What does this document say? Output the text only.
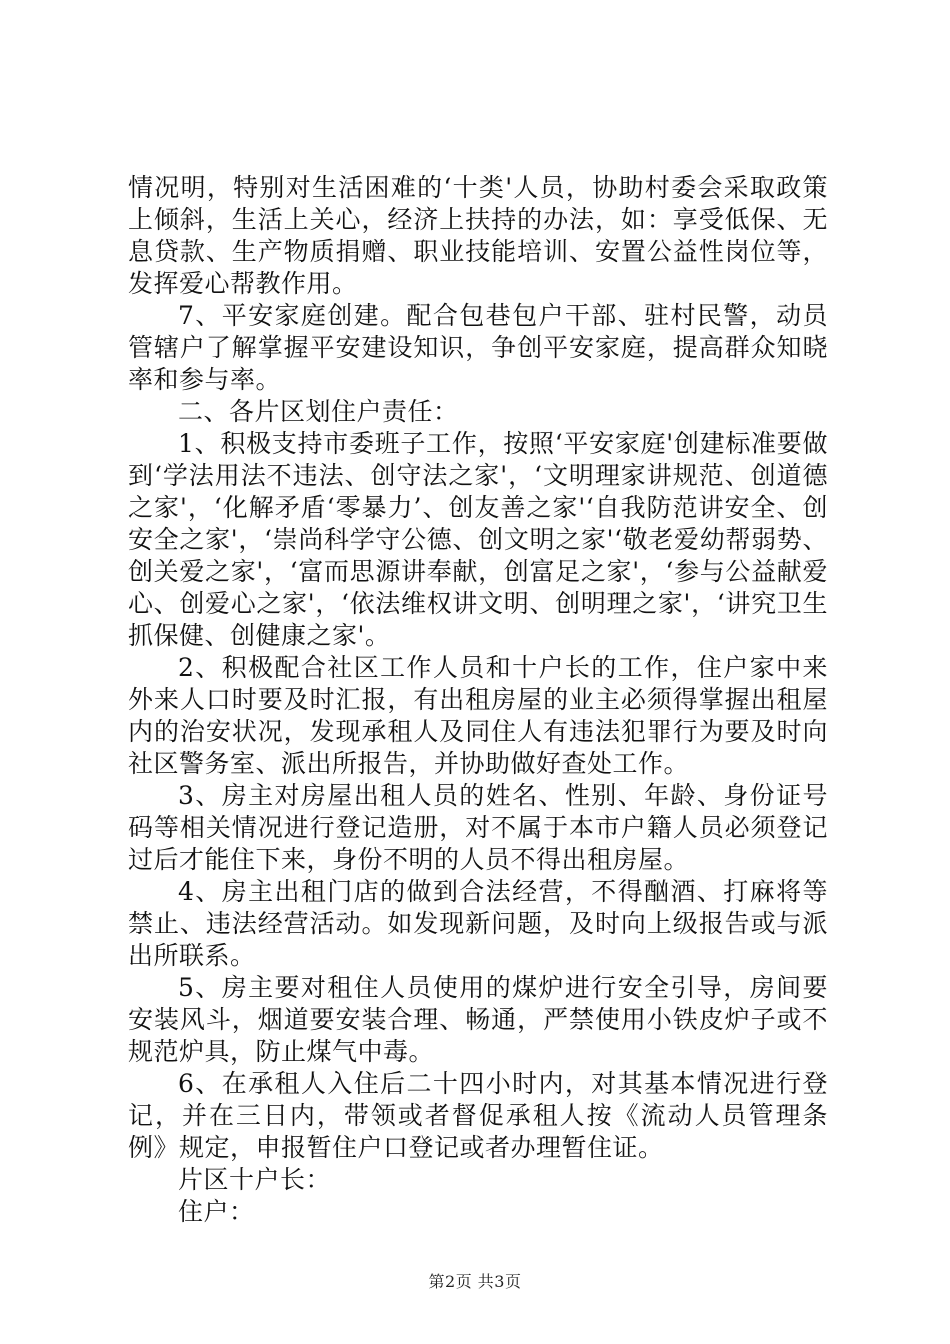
情况明，特别对生活困难的‘十类'人员，协助村委会采取政策上倾斜，生活上关心，经济上扶持的办法，如：享受低保、无息贷款、生产物质捐赠、职业技能培训、安置公益性岗位等，发挥爱心帮教作用。

7、平安家庭创建。配合包巷包户干部、驻村民警，动员管辖户了解掌握平安建设知识，争创平安家庭，提高群众知晓率和参与率。

二、各片区划住户责任：

1、积极支持市委班子工作，按照‘平安家庭'创建标准要做到‘学法用法不违法、创守法之家'，‘文明理家讲规范、创道德之家'，‘化解矛盾‘零暴力’、创友善之家'‘自我防范讲安全、创安全之家'，‘崇尚科学守公德、创文明之家'‘敬老爱幼帮弱势、创关爱之家'，‘富而思源讲奉献，创富足之家'，‘参与公益献爱心、创爱心之家'，‘依法维权讲文明、创明理之家'，‘讲究卫生抓保健、创健康之家'。

2、积极配合社区工作人员和十户长的工作，住户家中来外来人口时要及时汇报，有出租房屋的业主必须得掌握出租屋内的治安状况，发现承租人及同住人有违法犯罪行为要及时向社区警务室、派出所报告，并协助做好查处工作。

3、房主对房屋出租人员的姓名、性别、年龄、身份证号码等相关情况进行登记造册，对不属于本市户籍人员必须登记过后才能住下来，身份不明的人员不得出租房屋。

4、房主出租门店的做到合法经营，不得酗酒、打麻将等禁止、违法经营活动。如发现新问题，及时向上级报告或与派出所联系。

5、房主要对租住人员使用的煤炉进行安全引导，房间要安装风斗，烟道要安装合理、畅通，严禁使用小铁皮炉子或不规范炉具，防止煤气中毒。

6、在承租人入住后二十四小时内，对其基本情况进行登记，并在三日内，带领或者督促承租人按《流动人员管理条例》规定，申报暂住户口登记或者办理暂住证。

片区十户长：

住户：

第2页 共3页
